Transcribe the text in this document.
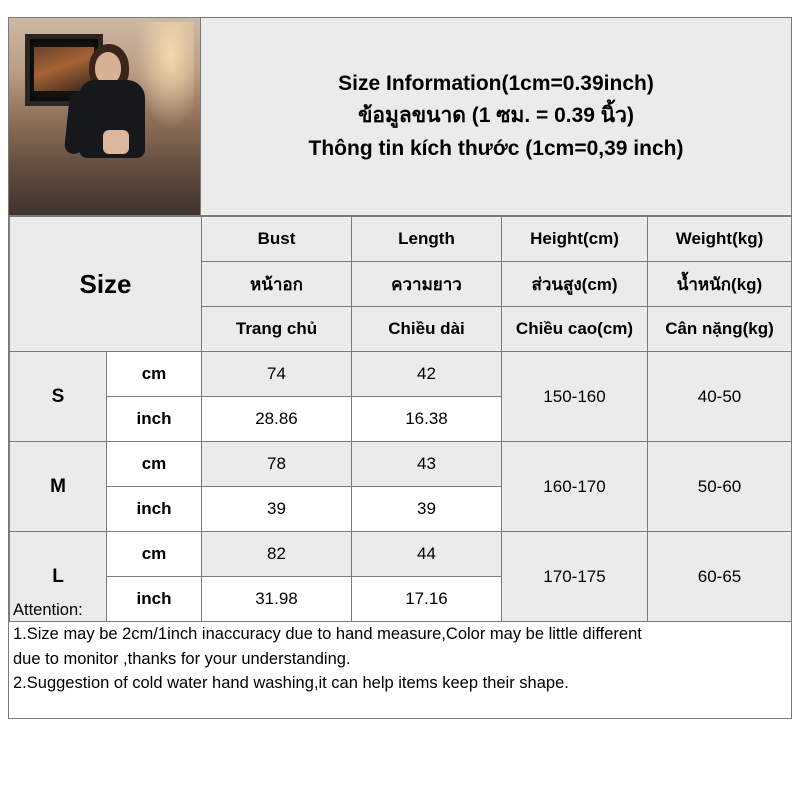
Size Information(1cm=0.39inch)
ข้อมูลขนาด (1 ซม. = 0.39 นิ้ว)
Thông tin kích thước (1cm=0,39 inch)
Size		Bust	Length	Height(cm)	Weight(kg)
		หน้าอก	ความยาว	ส่วนสูง(cm)	น้ำหนัก(kg)
		Trang chủ	Chiều dài	Chiều cao(cm)	Cân nặng(kg)
S	cm	74	42	150-160	40-50
	inch	28.86	16.38		
M	cm	78	43	160-170	50-60
	inch	39	39		
L	cm	82	44	170-175	60-65
	inch	31.98	17.16		
Attention:
1.Size may be 2cm/1inch inaccuracy due to hand measure,Color may be little different
due to monitor ,thanks for your understanding.
2.Suggestion of cold water hand washing,it can help items keep their shape.
